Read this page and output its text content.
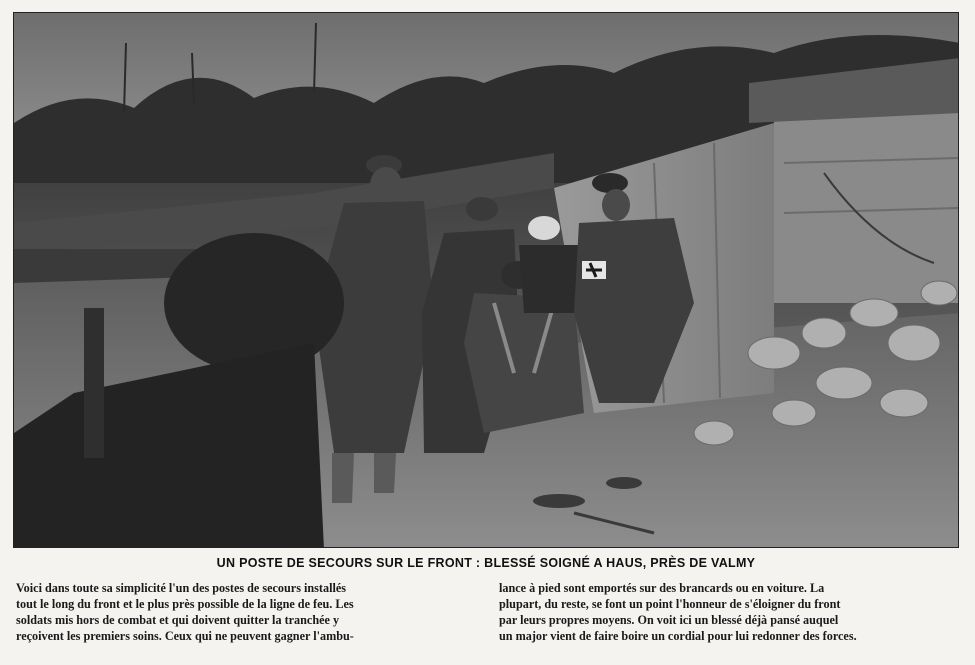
UN POSTE DE SECOURS SUR LE FRONT : BLESSÉ SOIGNÉ A HAUS, PRÈS DE VALMY
Voici dans toute sa simplicité l'un des postes de secours installés
tout le long du front et le plus près possible de la ligne de feu. Les
soldats mis hors de combat et qui doivent quitter la tranchée y
reçoivent les premiers soins. Ceux qui ne peuvent gagner l'ambu-
lance à pied sont emportés sur des brancards ou en voiture. La
plupart, du reste, se font un point l'honneur de s'éloigner du front
par leurs propres moyens. On voit ici un blessé déjà pansé auquel
un major vient de faire boire un cordial pour lui redonner des forces.
